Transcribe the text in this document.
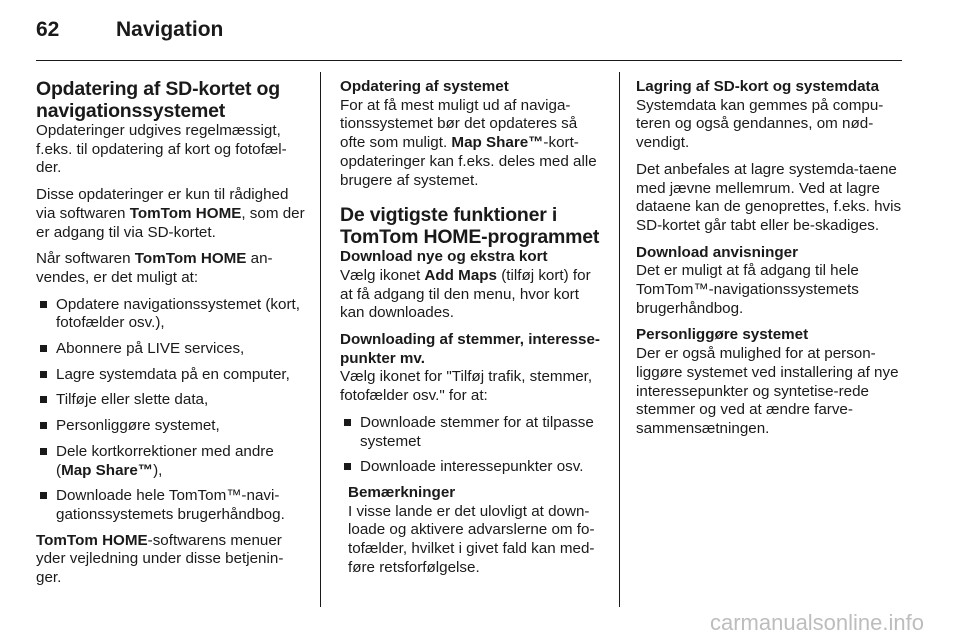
62	Navigation
Opdatering af SD-kortet og navigationssystemet

Opdateringer udgives regelmæssigt, f.eks. til opdatering af kort og fotofæl-der.

Disse opdateringer er kun til rådighed via softwaren TomTom HOME, som der er adgang til via SD-kortet.

Når softwaren TomTom HOME an-vendes, er det muligt at:

Opdatere navigationssystemet (kort, fotofælder osv.),
Abonnere på LIVE services,
Lagre systemdata på en computer,
Tilføje eller slette data,
Personliggøre systemet,
Dele kortkorrektioner med andre (Map Share™),
Downloade hele TomTom™-navi-gationssystemets brugerhåndbog.

TomTom HOME-softwarens menuer yder vejledning under disse betjenin-ger.

Opdatering af systemet

For at få mest muligt ud af naviga-tionssystemet bør det opdateres så ofte som muligt. Map Share™-kort-opdateringer kan f.eks. deles med alle brugere af systemet.

De vigtigste funktioner i TomTom HOME-programmet
Download nye og ekstra kort

Vælg ikonet Add Maps (tilføj kort) for at få adgang til den menu, hvor kort kan downloades.

Downloading af stemmer, interesse-punkter mv.

Vælg ikonet for "Tilføj trafik, stemmer, fotofælder osv." for at:

Downloade stemmer for at tilpasse systemet
Downloade interessepunkter osv.
Bemærkninger
I visse lande er det ulovligt at down-loade og aktivere advarslerne om fo-tofælder, hvilket i givet fald kan med-føre retsforfølgelse.
Lagring af SD-kort og systemdata

Systemdata kan gemmes på compu-teren og også gendannes, om nød-vendigt.

Det anbefales at lagre systemda-taene med jævne mellemrum. Ved at lagre dataene kan de genoprettes, f.eks. hvis SD-kortet går tabt eller be-skadiges.

Download anvisninger

Det er muligt at få adgang til hele TomTom™-navigationssystemets brugerhåndbog.

Personliggøre systemet

Der er også mulighed for at person-liggøre systemet ved installering af nye interessepunkter og syntetise-rede stemmer og ved at ændre farve-sammensætningen.

carmanualsonline.info
